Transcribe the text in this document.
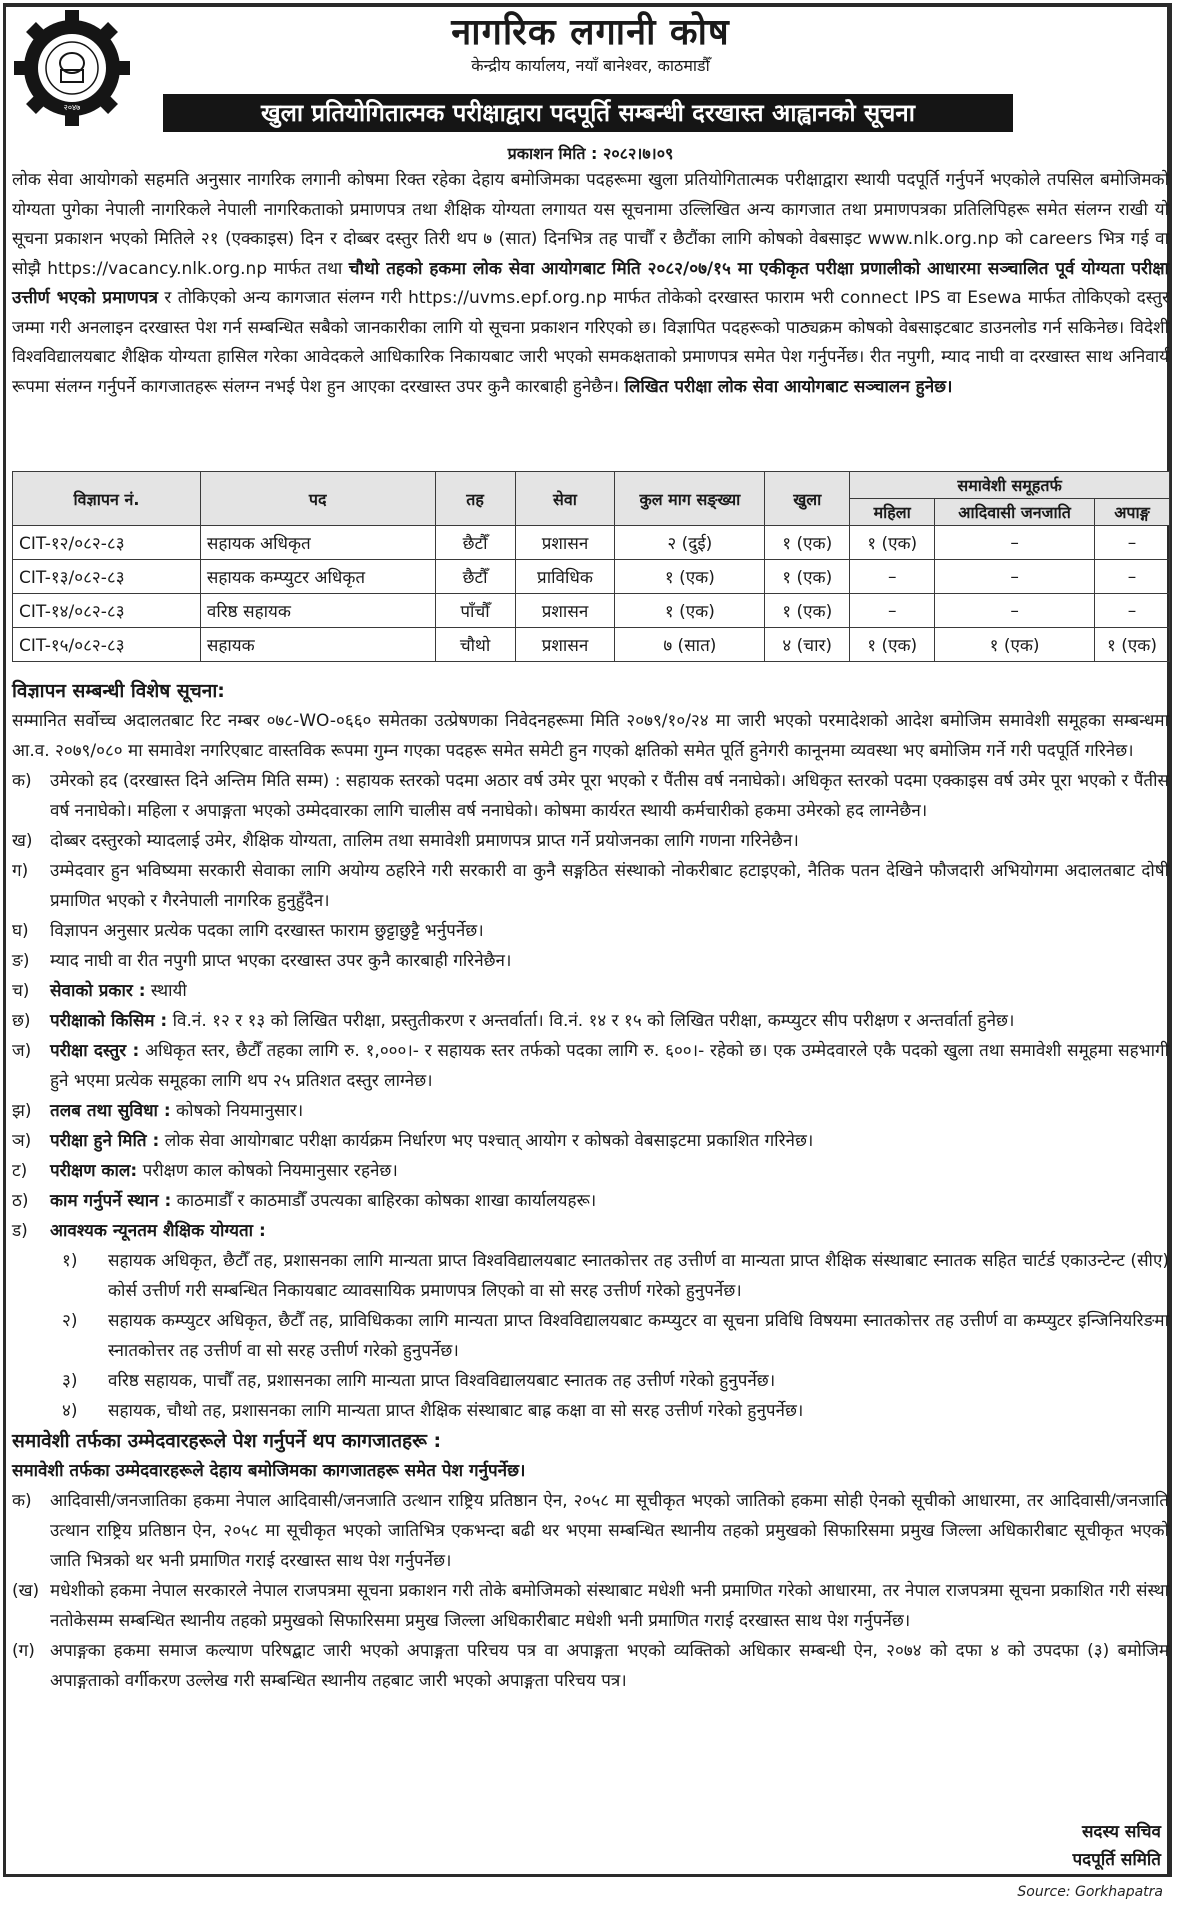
२०४७
नागरिक लगानी कोष
केन्द्रीय कार्यालय, नयाँ बानेश्वर, काठमाडौँ
खुला प्रतियोगितात्मक परीक्षाद्वारा पदपूर्ति सम्बन्धी दरखास्त आह्वानको सूचना
प्रकाशन मिति : २०८२।७।०९
लोक सेवा आयोगको सहमति अनुसार नागरिक लगानी कोषमा रिक्त रहेका देहाय बमोजिमका पदहरूमा खुला प्रतियोगितात्मक परीक्षाद्वारा स्थायी पदपूर्ति गर्नुपर्ने भएकोले तपसिल बमोजिमको योग्यता पुगेका नेपाली नागरिकले नेपाली नागरिकताको प्रमाणपत्र तथा शैक्षिक योग्यता लगायत यस सूचनामा उल्लिखित अन्य कागजात तथा प्रमाणपत्रका प्रतिलिपिहरू समेत संलग्न राखी यो सूचना प्रकाशन भएको मितिले २१ (एक्काइस) दिन र दोब्बर दस्तुर तिरी थप ७ (सात) दिनभित्र तह पाचौँ र छैटौंका लागि कोषको वेबसाइट www.nlk.org.np को careers भित्र गई वा सोझै https://vacancy.nlk.org.np मार्फत तथा चौथो तहको हकमा लोक सेवा आयोगबाट मिति २०८२/०७/१५ मा एकीकृत परीक्षा प्रणालीको आधारमा सञ्चालित पूर्व योग्यता परीक्षा उत्तीर्ण भएको प्रमाणपत्र र तोकिएको अन्य कागजात संलग्न गरी https://uvms.epf.org.np मार्फत तोकेको दरखास्त फाराम भरी connect IPS वा Esewa मार्फत तोकिएको दस्तुर जम्मा गरी अनलाइन दरखास्त पेश गर्न सम्बन्धित सबैको जानकारीका लागि यो सूचना प्रकाशन गरिएको छ। विज्ञापित पदहरूको पाठ्यक्रम कोषको वेबसाइटबाट डाउनलोड गर्न सकिनेछ। विदेशी विश्वविद्यालयबाट शैक्षिक योग्यता हासिल गरेका आवेदकले आधिकारिक निकायबाट जारी भएको समकक्षताको प्रमाणपत्र समेत पेश गर्नुपर्नेछ। रीत नपुगी, म्याद नाघी वा दरखास्त साथ अनिवार्य रूपमा संलग्न गर्नुपर्ने कागजातहरू संलग्न नभई पेश हुन आएका दरखास्त उपर कुनै कारबाही हुनेछैन। लिखित परीक्षा लोक सेवा आयोगबाट सञ्चालन हुनेछ।
विज्ञापन नं.	पद	तह	सेवा	कुल माग सङ्ख्या	खुला	समावेशी समूहतर्फ		
						महिला	आदिवासी जनजाति	अपाङ्ग
CIT-१२/०८२-८३	सहायक अधिकृत	छैटौँ	प्रशासन	२ (दुई)	१ (एक)	१ (एक)	–	–
CIT-१३/०८२-८३	सहायक कम्प्युटर अधिकृत	छैटौँ	प्राविधिक	१ (एक)	१ (एक)	–	–	–
CIT-१४/०८२-८३	वरिष्ठ सहायक	पाँचौँ	प्रशासन	१ (एक)	१ (एक)	–	–	–
CIT-१५/०८२-८३	सहायक	चौथो	प्रशासन	७ (सात)	४ (चार)	१ (एक)	१ (एक)	१ (एक)
विज्ञापन सम्बन्धी विशेष सूचना:
सम्मानित सर्वोच्च अदालतबाट रिट नम्बर ०७८-WO-०६६० समेतका उत्प्रेषणका निवेदनहरूमा मिति २०७९/१०/२४ मा जारी भएको परमादेशको आदेश बमोजिम समावेशी समूहका सम्बन्धमा आ.व. २०७९/०८० मा समावेश नगरिएबाट वास्तविक रूपमा गुम्न गएका पदहरू समेत समेटी हुन गएको क्षतिको समेत पूर्ति हुनेगरी कानूनमा व्यवस्था भए बमोजिम गर्ने गरी पदपूर्ति गरिनेछ।
क)	उमेरको हद (दरखास्त दिने अन्तिम मिति सम्म) : सहायक स्तरको पदमा अठार वर्ष उमेर पूरा भएको र पैंतीस वर्ष ननाघेको। अधिकृत स्तरको पदमा एक्काइस वर्ष उमेर पूरा भएको र पैंतीस वर्ष ननाघेको। महिला र अपाङ्गता भएको उम्मेदवारका लागि चालीस वर्ष ननाघेको। कोषमा कार्यरत स्थायी कर्मचारीको हकमा उमेरको हद लाग्नेछैन।
ख)	दोब्बर दस्तुरको म्यादलाई उमेर, शैक्षिक योग्यता, तालिम तथा समावेशी प्रमाणपत्र प्राप्त गर्ने प्रयोजनका लागि गणना गरिनेछैन।
ग)	उम्मेदवार हुन भविष्यमा सरकारी सेवाका लागि अयोग्य ठहरिने गरी सरकारी वा कुनै सङ्गठित संस्थाको नोकरीबाट हटाइएको, नैतिक पतन देखिने फौजदारी अभियोगमा अदालतबाट दोषी प्रमाणित भएको र गैरनेपाली नागरिक हुनुहुँदैन।
घ)	विज्ञापन अनुसार प्रत्येक पदका लागि दरखास्त फाराम छुट्टाछुट्टै भर्नुपर्नेछ।
ङ)	म्याद नाघी वा रीत नपुगी प्राप्त भएका दरखास्त उपर कुनै कारबाही गरिनेछैन।
च)	सेवाको प्रकार : स्थायी
छ)	परीक्षाको किसिम : वि.नं. १२ र १३ को लिखित परीक्षा, प्रस्तुतीकरण र अन्तर्वार्ता। वि.नं. १४ र १५ को लिखित परीक्षा, कम्प्युटर सीप परीक्षण र अन्तर्वार्ता हुनेछ।
ज)	परीक्षा दस्तुर : अधिकृत स्तर, छैटौँ तहका लागि रु. १,०००।- र सहायक स्तर तर्फको पदका लागि रु. ६००।- रहेको छ। एक उम्मेदवारले एकै पदको खुला तथा समावेशी समूहमा सहभागी हुने भएमा प्रत्येक समूहका लागि थप २५ प्रतिशत दस्तुर लाग्नेछ।
झ)	तलब तथा सुविधा : कोषको नियमानुसार।
ञ)	परीक्षा हुने मिति : लोक सेवा आयोगबाट परीक्षा कार्यक्रम निर्धारण भए पश्चात् आयोग र कोषको वेबसाइटमा प्रकाशित गरिनेछ।
ट)	परीक्षण काल: परीक्षण काल कोषको नियमानुसार रहनेछ।
ठ)	काम गर्नुपर्ने स्थान : काठमाडौँ र काठमाडौँ उपत्यका बाहिरका कोषका शाखा कार्यालयहरू।
ड)	आवश्यक न्यूनतम शैक्षिक योग्यता :
१)	सहायक अधिकृत, छैटौँ तह, प्रशासनका लागि मान्यता प्राप्त विश्वविद्यालयबाट स्नातकोत्तर तह उत्तीर्ण वा मान्यता प्राप्त शैक्षिक संस्थाबाट स्नातक सहित चार्टर्ड एकाउन्टेन्ट (सीए) कोर्स उत्तीर्ण गरी सम्बन्धित निकायबाट व्यावसायिक प्रमाणपत्र लिएको वा सो सरह उत्तीर्ण गरेको हुनुपर्नेछ।
२)	सहायक कम्प्युटर अधिकृत, छैटौँ तह, प्राविधिकका लागि मान्यता प्राप्त विश्वविद्यालयबाट कम्प्युटर वा सूचना प्रविधि विषयमा स्नातकोत्तर तह उत्तीर्ण वा कम्प्युटर इन्जिनियरिङमा स्नातकोत्तर तह उत्तीर्ण वा सो सरह उत्तीर्ण गरेको हुनुपर्नेछ।
३)	वरिष्ठ सहायक, पाचौँ तह, प्रशासनका लागि मान्यता प्राप्त विश्वविद्यालयबाट स्नातक तह उत्तीर्ण गरेको हुनुपर्नेछ।
४)	सहायक, चौथो तह, प्रशासनका लागि मान्यता प्राप्त शैक्षिक संस्थाबाट बाह्र कक्षा वा सो सरह उत्तीर्ण गरेको हुनुपर्नेछ।
समावेशी तर्फका उम्मेदवारहरूले पेश गर्नुपर्ने थप कागजातहरू :
समावेशी तर्फका उम्मेदवारहरूले देहाय बमोजिमका कागजातहरू समेत पेश गर्नुपर्नेछ।
क)	आदिवासी/जनजातिका हकमा नेपाल आदिवासी/जनजाति उत्थान राष्ट्रिय प्रतिष्ठान ऐन, २०५८ मा सूचीकृत भएको जातिको हकमा सोही ऐनको सूचीको आधारमा, तर आदिवासी/जनजाति उत्थान राष्ट्रिय प्रतिष्ठान ऐन, २०५८ मा सूचीकृत भएको जातिभित्र एकभन्दा बढी थर भएमा सम्बन्धित स्थानीय तहको प्रमुखको सिफारिसमा प्रमुख जिल्ला अधिकारीबाट सूचीकृत भएको जाति भित्रको थर भनी प्रमाणित गराई दरखास्त साथ पेश गर्नुपर्नेछ।
(ख) मधेशीको हकमा नेपाल सरकारले नेपाल राजपत्रमा सूचना प्रकाशन गरी तोके बमोजिमको संस्थाबाट मधेशी भनी प्रमाणित गरेको आधारमा, तर नेपाल राजपत्रमा सूचना प्रकाशित गरी संस्था नतोकेसम्म सम्बन्धित स्थानीय तहको प्रमुखको सिफारिसमा प्रमुख जिल्ला अधिकारीबाट मधेशी भनी प्रमाणित गराई दरखास्त साथ पेश गर्नुपर्नेछ।
(ग) अपाङ्गका हकमा समाज कल्याण परिषद्बाट जारी भएको अपाङ्गता परिचय पत्र वा अपाङ्गता भएको व्यक्तिको अधिकार सम्बन्धी ऐन, २०७४ को दफा ४ को उपदफा (३) बमोजिम अपाङ्गताको वर्गीकरण उल्लेख गरी सम्बन्धित स्थानीय तहबाट जारी भएको अपाङ्गता परिचय पत्र।
सदस्य सचिव
पदपूर्ति समिति
Source: Gorkhapatra
